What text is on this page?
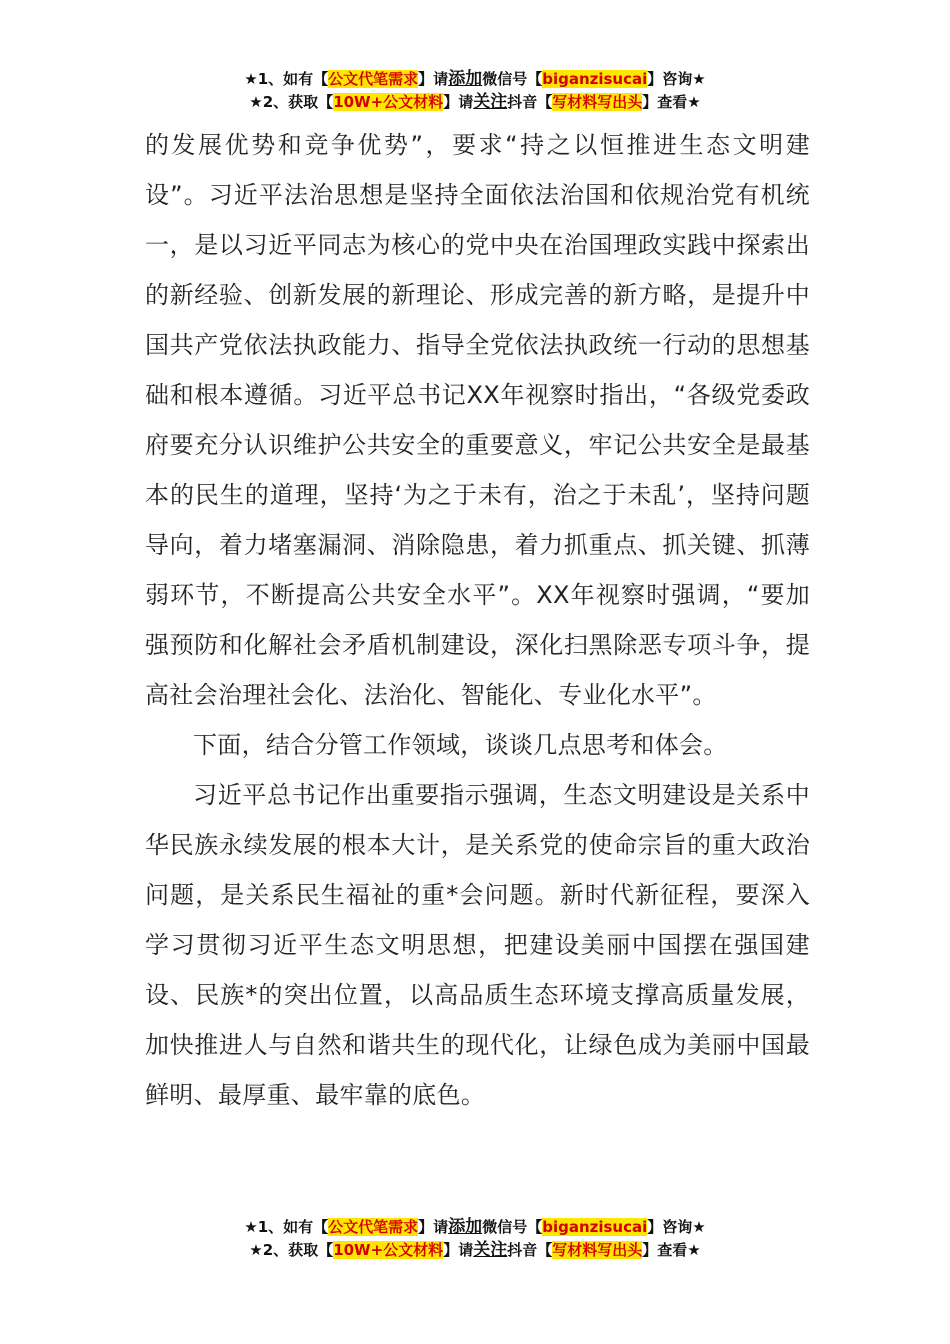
★1、如有【公文代笔需求】请添加微信号【biganzisucai】咨询★
★2、获取【10W+公文材料】请关注抖音【写材料写出头】查看★

的发展优势和竞争优势”，要求“持之以恒推进生态文明建设”。习近平法治思想是坚持全面依法治国和依规治党有机统一，是以习近平同志为核心的党中央在治国理政实践中探索出的新经验、创新发展的新理论、形成完善的新方略，是提升中国共产党依法执政能力、指导全党依法执政统一行动的思想基础和根本遵循。习近平总书记XX年视察时指出，“各级党委政府要充分认识维护公共安全的重要意义，牢记公共安全是最基本的民生的道理，坚持‘为之于未有，治之于未乱’，坚持问题导向，着力堵塞漏洞、消除隐患，着力抓重点、抓关键、抓薄弱环节，不断提高公共安全水平”。XX年视察时强调，“要加强预防和化解社会矛盾机制建设，深化扫黑除恶专项斗争，提高社会治理社会化、法治化、智能化、专业化水平”。

下面，结合分管工作领域，谈谈几点思考和体会。

习近平总书记作出重要指示强调，生态文明建设是关系中华民族永续发展的根本大计，是关系党的使命宗旨的重大政治问题，是关系民生福祉的重*会问题。新时代新征程，要深入学习贯彻习近平生态文明思想，把建设美丽中国摆在强国建设、民族*的突出位置，以高品质生态环境支撑高质量发展，加快推进人与自然和谐共生的现代化，让绿色成为美丽中国最鲜明、最厚重、最牢靠的底色。

★1、如有【公文代笔需求】请添加微信号【biganzisucai】咨询★
★2、获取【10W+公文材料】请关注抖音【写材料写出头】查看★
